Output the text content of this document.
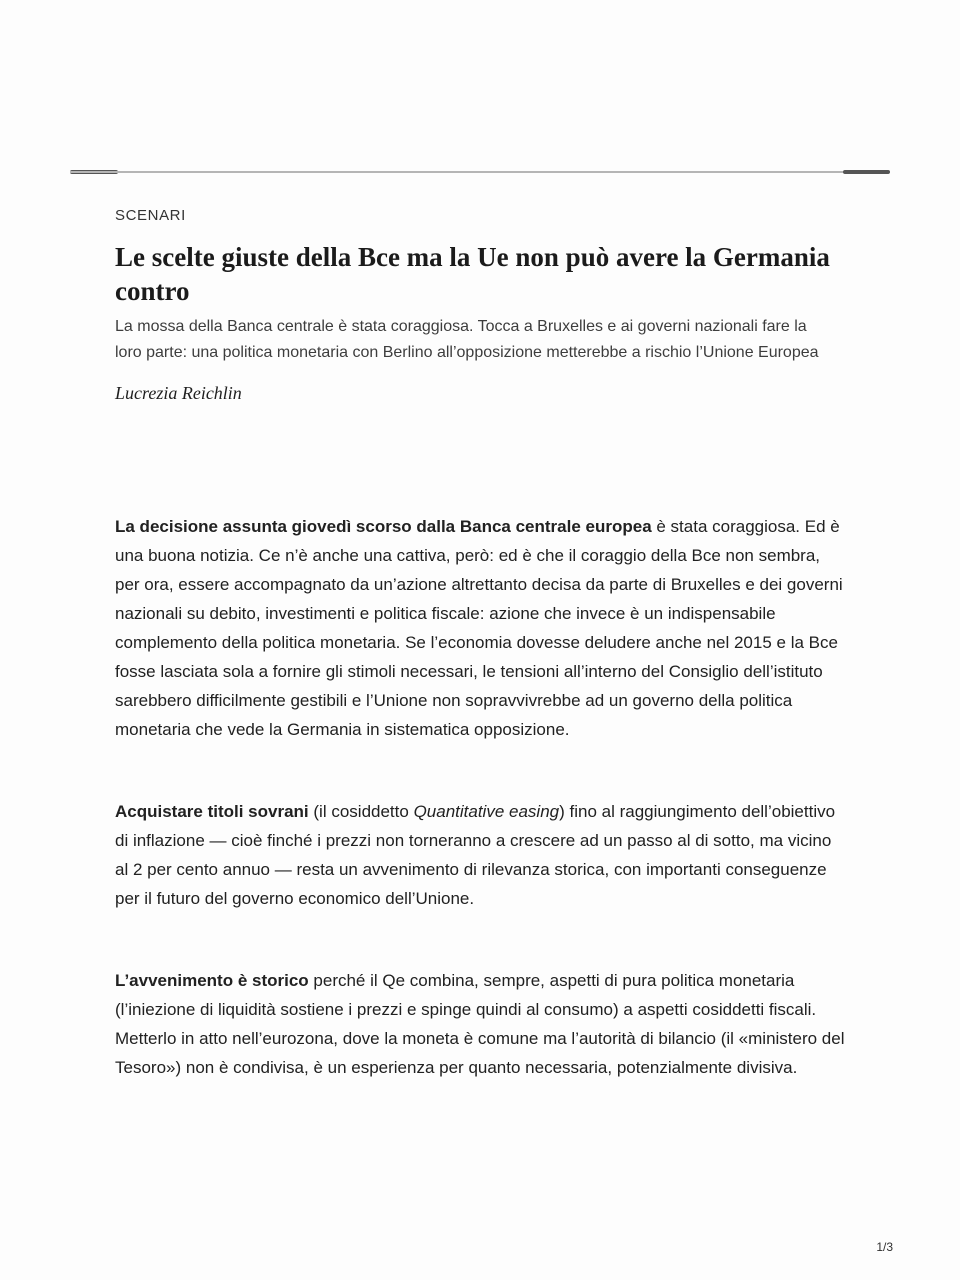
SCENARI
Le scelte giuste della Bce ma la Ue non può avere la Germania contro

La mossa della Banca centrale è stata coraggiosa. Tocca a Bruxelles e ai governi nazionali fare la loro parte: una politica monetaria con Berlino all’opposizione metterebbe a rischio l’Unione Europea

Lucrezia Reichlin

La decisione assunta giovedì scorso dalla Banca centrale europea è stata coraggiosa. Ed è una buona notizia. Ce n’è anche una cattiva, però: ed è che il coraggio della Bce non sembra, per ora, essere accompagnato da un’azione altrettanto decisa da parte di Bruxelles e dei governi nazionali su debito, investimenti e politica fiscale: azione che invece è un indispensabile complemento della politica monetaria. Se l’economia dovesse deludere anche nel 2015 e la Bce fosse lasciata sola a fornire gli stimoli necessari, le tensioni all’interno del Consiglio dell’istituto sarebbero difficilmente gestibili e l’Unione non sopravvivrebbe ad un governo della politica monetaria che vede la Germania in sistematica opposizione.

Acquistare titoli sovrani (il cosiddetto Quantitative easing) fino al raggiungimento dell’obiettivo di inflazione — cioè finché i prezzi non torneranno a crescere ad un passo al di sotto, ma vicino al 2 per cento annuo — resta un avvenimento di rilevanza storica, con importanti conseguenze per il futuro del governo economico dell’Unione.

L’avvenimento è storico perché il Qe combina, sempre, aspetti di pura politica monetaria (l’iniezione di liquidità sostiene i prezzi e spinge quindi al consumo) a aspetti cosiddetti fiscali. Metterlo in atto nell’eurozona, dove la moneta è comune ma l’autorità di bilancio (il «ministero del Tesoro») non è condivisa, è un esperienza per quanto necessaria, potenzialmente divisiva.

1/3
